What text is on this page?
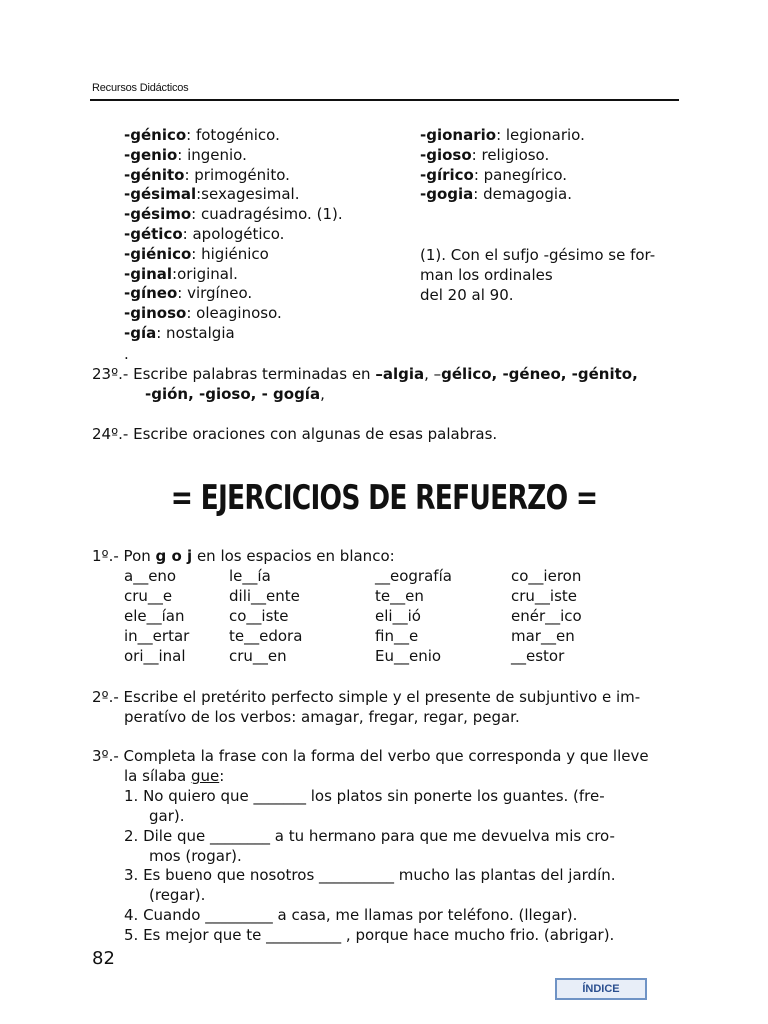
Recursos Didácticos
-génico: fotogénico.
-genio: ingenio.
-génito: primogénito.
-gésimal:sexagesimal.
-gésimo: cuadragésimo. (1).
-gético: apologético.
-giénico: higiénico
-ginal:original.
-gíneo: virgíneo.
-ginoso: oleaginoso.
-gía: nostalgia
-gionario: legionario.
-gioso: religioso.
-gírico: panegírico.
-gogia: demagogia.
(1). Con el sufjo -gésimo se for-
man los ordinales
del 20 al 90.
.
23º.- Escribe palabras terminadas en –algia, –gélico, -géneo, -génito,
-gión, -gioso, - gogía,
24º.- Escribe oraciones con algunas de esas palabras.
= EJERCICIOS DE REFUERZO =
1º.- Pon g o j en los espacios en blanco:
a__eno	le__ía	__eografía	co__ieron
cru__e	dili__ente	te__en	cru__iste
ele__ían	co__iste	eli__ió	enér__ico
in__ertar	te__edora	fin__e	mar__en
ori__inal	cru__en	Eu__enio	__estor
2º.- Escribe el pretérito perfecto simple y el presente de subjuntivo e im-
peratívo de los verbos: amagar, fregar, regar, pegar.
3º.- Completa la frase con la forma del verbo que corresponda y que lleve
la sílaba gue:
1. No quiero que _______ los platos sin ponerte los guantes. (fre-
gar).
2. Dile que ________ a tu hermano para que me devuelva mis cro-
mos (rogar).
3. Es bueno que nosotros __________ mucho las plantas del jardín.
(regar).
4. Cuando _________ a casa, me llamas por teléfono. (llegar).
5. Es mejor que te __________ , porque hace mucho frio. (abrigar).
82
ÍNDICE
